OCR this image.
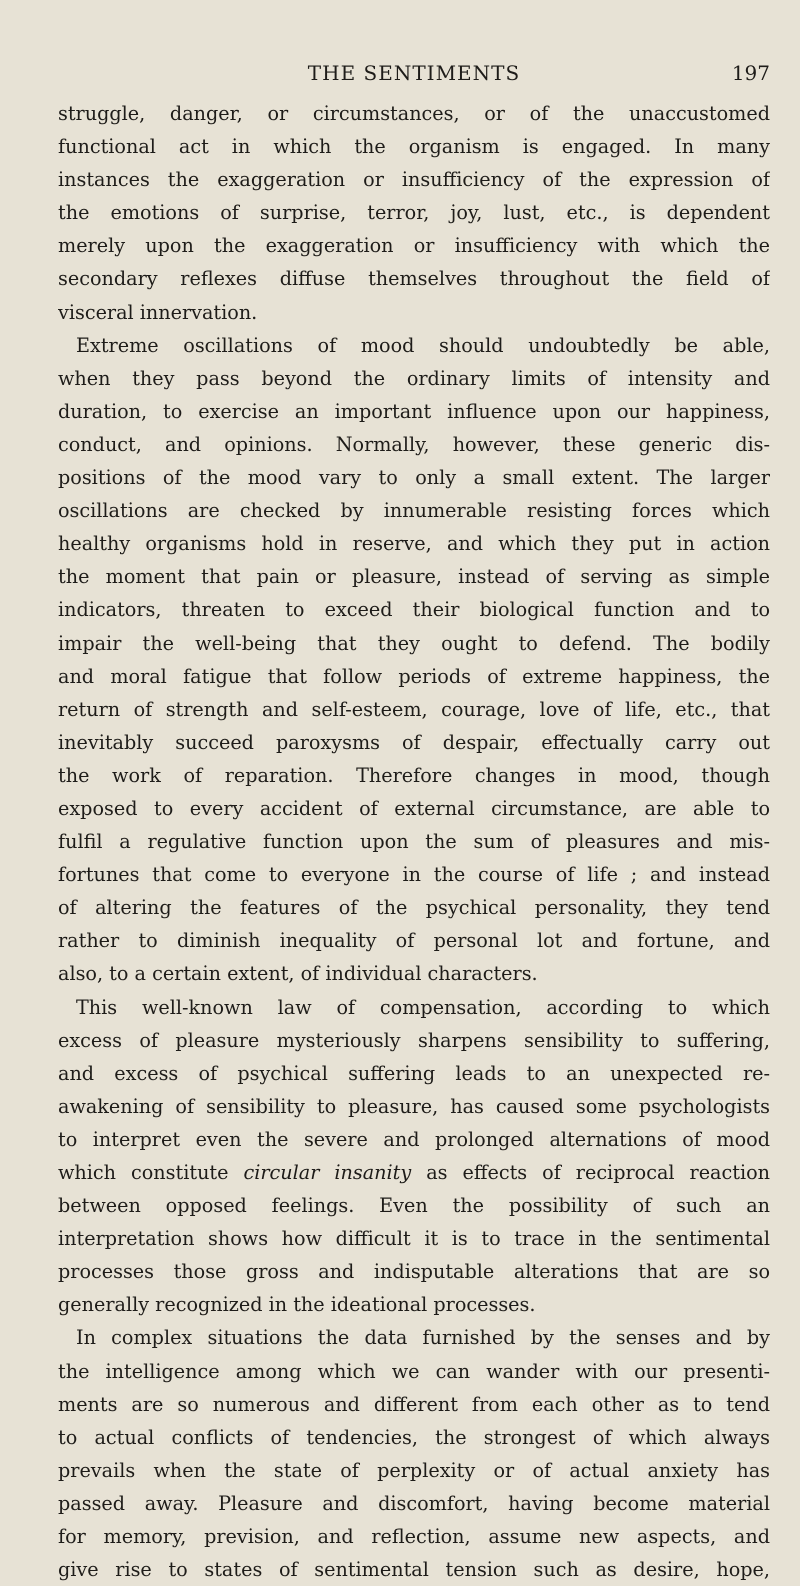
THE SENTIMENTS	197
struggle, danger, or circumstances, or of the unaccustomed
functional act in which the organism is engaged. In many
instances the exaggeration or insufficiency of the expression of
the emotions of surprise, terror, joy, lust, etc., is dependent
merely upon the exaggeration or insufficiency with which the
secondary reflexes diffuse themselves throughout the field of
visceral innervation.
Extreme oscillations of mood should undoubtedly be able,
when they pass beyond the ordinary limits of intensity and
duration, to exercise an important influence upon our happiness,
conduct, and opinions. Normally, however, these generic dis-
positions of the mood vary to only a small extent. The larger
oscillations are checked by innumerable resisting forces which
healthy organisms hold in reserve, and which they put in action
the moment that pain or pleasure, instead of serving as simple
indicators, threaten to exceed their biological function and to
impair the well-being that they ought to defend. The bodily
and moral fatigue that follow periods of extreme happiness, the
return of strength and self-esteem, courage, love of life, etc., that
inevitably succeed paroxysms of despair, effectually carry out
the work of reparation. Therefore changes in mood, though
exposed to every accident of external circumstance, are able to
fulfil a regulative function upon the sum of pleasures and mis-
fortunes that come to everyone in the course of life ; and instead
of altering the features of the psychical personality, they tend
rather to diminish inequality of personal lot and fortune, and
also, to a certain extent, of individual characters.
This well-known law of compensation, according to which
excess of pleasure mysteriously sharpens sensibility to suffering,
and excess of psychical suffering leads to an unexpected re-
awakening of sensibility to pleasure, has caused some psychologists
to interpret even the severe and prolonged alternations of mood
which constitute circular insanity as effects of reciprocal reaction
between opposed feelings. Even the possibility of such an
interpretation shows how difficult it is to trace in the sentimental
processes those gross and indisputable alterations that are so
generally recognized in the ideational processes.
In complex situations the data furnished by the senses and by
the intelligence among which we can wander with our presenti-
ments are so numerous and different from each other as to tend
to actual conflicts of tendencies, the strongest of which always
prevails when the state of perplexity or of actual anxiety has
passed away. Pleasure and discomfort, having become material
for memory, prevision, and reflection, assume new aspects, and
give rise to states of sentimental tension such as desire, hope,
